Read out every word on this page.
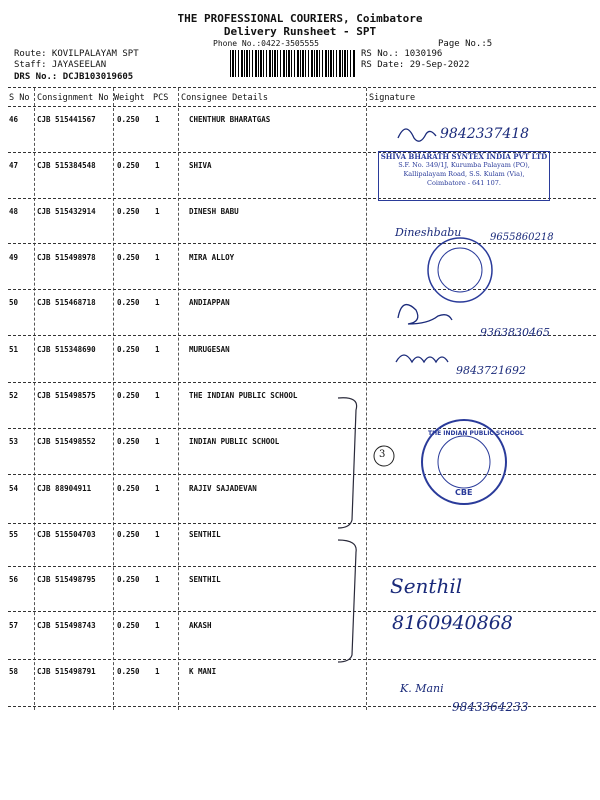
THE PROFESSIONAL COURIERS, Coimbatore
Delivery Runsheet - SPT
Phone No.:0422-3505555	Page No.:5
Route: KOVILPALAYAM SPT
Staff: JAYASEELAN
DRS No.: DCJB103019605
RS No.: 1030196
RS Date: 29-Sep-2022
S No Consignment No Weight PCS Consignee Details	Signature
46	CJB 515441567	0.250 1	CHENTHUR BHARATGAS
47	CJB 515384548	0.250 1	SHIVA
48	CJB 515432914	0.250 1	DINESH BABU
49	CJB 515498978	0.250 1	MIRA ALLOY
50	CJB 515468718	0.250 1	ANDIAPPAN
51	CJB 515348690	0.250 1	MURUGESAN
52	CJB 515498575	0.250 1	THE INDIAN PUBLIC SCHOOL
53	CJB 515498552	0.250 1	INDIAN PUBLIC SCHOOL
54	CJB 88904911	0.250 1	RAJIV SAJADEVAN
55	CJB 515504703	0.250 1	SENTHIL
56	CJB 515498795	0.250 1	SENTHIL
57	CJB 515498743	0.250 1	AKASH
58	CJB 515498791	0.250 1	K MANI
9842337418
SHIVA BHARATH SYNTEX INDIA PVT LTD
S.F. No. 349/1J, Kurumba Palayam (PO),
Kallipalayam Road, S.S. Kulam (Via),
Coimbatore - 641 107.
Dineshbabu	9655860218
9363830465
9843721692
3
THE INDIAN PUBLIC SCHOOL
CBE
Senthil
8160940868
K. Mani
9843364233
